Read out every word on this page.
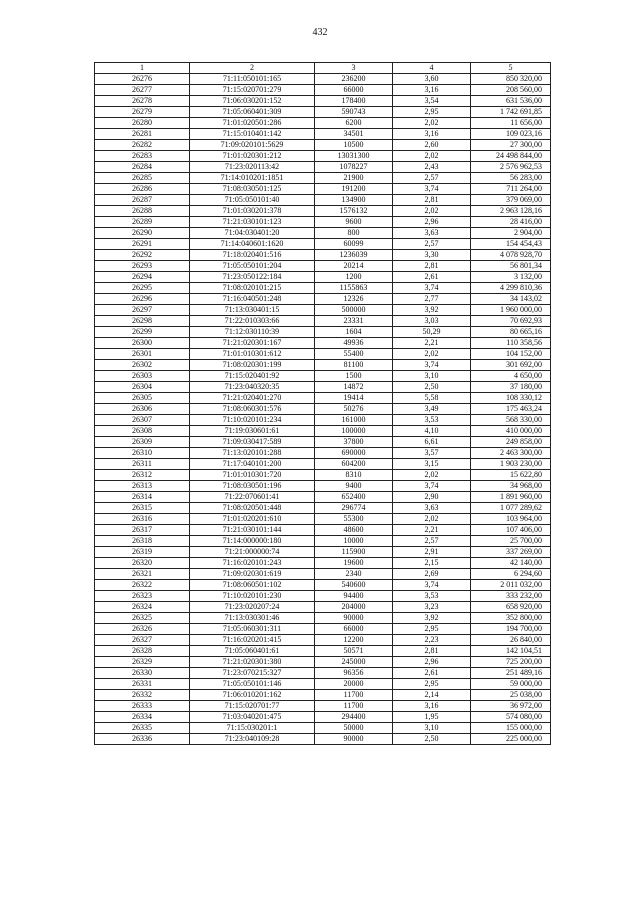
432
1	2	3	4	5
26276	71:11:050101:165	236200	3,60	850 320,00
26277	71:15:020701:279	66000	3,16	208 560,00
26278	71:06:030201:152	178400	3,54	631 536,00
26279	71:05:060401:309	590743	2,95	1 742 691,85
26280	71:01:020501:286	6200	2,02	11 656,00
26281	71:15:010401:142	34501	3,16	109 023,16
26282	71:09:020101:5629	10500	2,60	27 300,00
26283	71:01:020301:212	13031300	2,02	24 498 844,00
26284	71:23:020113:42	1078227	2,43	2 576 962,53
26285	71:14:010201:1851	21900	2,57	56 283,00
26286	71:08:030501:125	191200	3,74	711 264,00
26287	71:05:050101:40	134900	2,81	379 069,00
26288	71:01:030201:378	1576132	2,02	2 963 128,16
26289	71:21:030101:123	9600	2,96	28 416,00
26290	71:04:030401:20	800	3,63	2 904,00
26291	71:14:040601:1620	60099	2,57	154 454,43
26292	71:18:020401:516	1236039	3,30	4 078 928,70
26293	71:05:050101:204	20214	2,81	56 801,34
26294	71:23:050122:184	1200	2,61	3 132,00
26295	71:08:020101:215	1155863	3,74	4 299 810,36
26296	71:16:040501:248	12326	2,77	34 143,02
26297	71:13:030401:15	500000	3,92	1 960 000,00
26298	71:22:010303:66	23331	3,03	70 692,93
26299	71:12:030110:39	1604	50,29	80 665,16
26300	71:21:020301:167	49936	2,21	110 358,56
26301	71:01:010301:612	55400	2,02	104 152,00
26302	71:08:020301:199	81100	3,74	301 692,00
26303	71:15:020401:92	1500	3,10	4 650,00
26304	71:23:040320:35	14872	2,50	37 180,00
26305	71:21:020401:270	19414	5,58	108 330,12
26306	71:08:060301:576	50276	3,49	175 463,24
26307	71:10:020101:234	161000	3,53	568 330,00
26308	71:19:030601:61	100000	4,10	410 000,00
26309	71:09:030417:589	37800	6,61	249 858,00
26310	71:13:020101:288	690000	3,57	2 463 300,00
26311	71:17:040101:200	604200	3,15	1 903 230,00
26312	71:01:010301:720	8310	2,02	15 622,80
26313	71:08:030501:196	9400	3,74	34 968,00
26314	71:22:070601:41	652400	2,90	1 891 960,00
26315	71:08:020501:448	296774	3,63	1 077 289,62
26316	71:01:020201:610	55300	2,02	103 964,00
26317	71:21:030101:144	48600	2,21	107 406,00
26318	71:14:000000:180	10000	2,57	25 700,00
26319	71:21:000000:74	115900	2,91	337 269,00
26320	71:16:020101:243	19600	2,15	42 140,00
26321	71:09:020301:619	2340	2,69	6 294,60
26322	71:08:060501:102	540600	3,74	2 011 032,00
26323	71:10:020101:230	94400	3,53	333 232,00
26324	71:23:020207:24	204000	3,23	658 920,00
26325	71:13:030301:46	90000	3,92	352 800,00
26326	71:05:060301:311	66000	2,95	194 700,00
26327	71:16:020201:415	12200	2,23	26 840,00
26328	71:05:060401:61	50571	2,81	142 104,51
26329	71:21:020301:380	245000	2,96	725 200,00
26330	71:23:070215:327	96356	2,61	251 489,16
26331	71:05:050101:146	20000	2,95	59 000,00
26332	71:06:010201:162	11700	2,14	25 038,00
26333	71:15:020701:77	11700	3,16	36 972,00
26334	71:03:040201:475	294400	1,95	574 080,00
26335	71:15:030201:1	50000	3,10	155 000,00
26336	71:23:040109:28	90000	2,50	225 000,00
